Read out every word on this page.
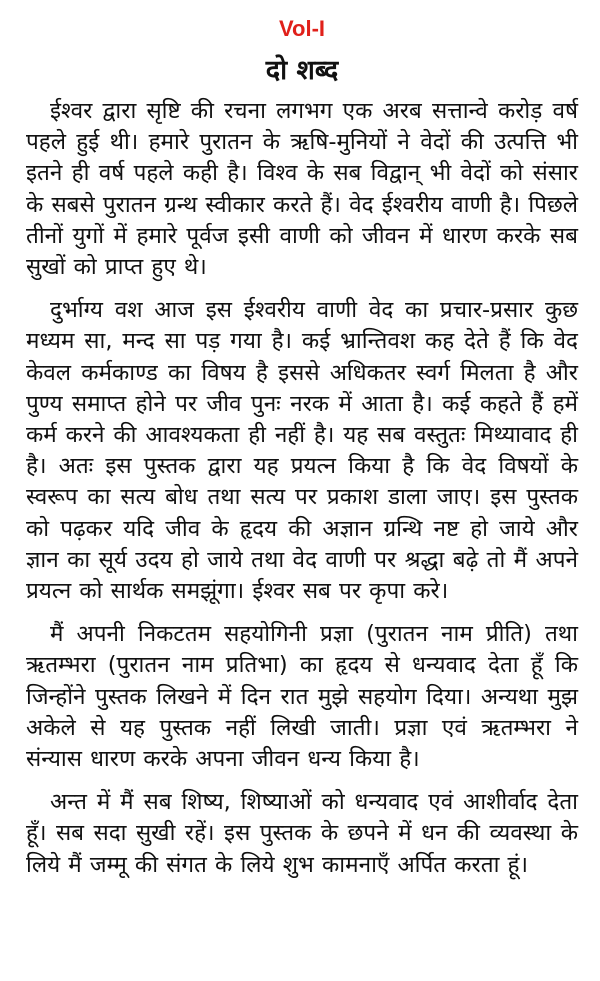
Vol-I
दो शब्द

ईश्वर द्वारा सृष्टि की रचना लगभग एक अरब सत्तान्वे करोड़ वर्ष पहले हुई थी। हमारे पुरातन के ऋषि-मुनियों ने वेदों की उत्पत्ति भी इतने ही वर्ष पहले कही है। विश्व के सब विद्वान् भी वेदों को संसार के सबसे पुरातन ग्रन्थ स्वीकार करते हैं। वेद ईश्वरीय वाणी है। पिछले तीनों युगों में हमारे पूर्वज इसी वाणी को जीवन में धारण करके सब सुखों को प्राप्त हुए थे।

दुर्भाग्य वश आज इस ईश्वरीय वाणी वेद का प्रचार-प्रसार कुछ मध्यम सा, मन्द सा पड़ गया है। कई भ्रान्तिवश कह देते हैं कि वेद केवल कर्मकाण्ड का विषय है इससे अधिकतर स्वर्ग मिलता है और पुण्य समाप्त होने पर जीव पुनः नरक में आता है। कई कहते हैं हमें कर्म करने की आवश्यकता ही नहीं है। यह सब वस्तुतः मिथ्यावाद ही है। अतः इस पुस्तक द्वारा यह प्रयत्न किया है कि वेद विषयों के स्वरूप का सत्य बोध तथा सत्य पर प्रकाश डाला जाए। इस पुस्तक को पढ़कर यदि जीव के हृदय की अज्ञान ग्रन्थि नष्ट हो जाये और ज्ञान का सूर्य उदय हो जाये तथा वेद वाणी पर श्रद्धा बढ़े तो मैं अपने प्रयत्न को सार्थक समझूंगा। ईश्वर सब पर कृपा करे।

मैं अपनी निकटतम सहयोगिनी प्रज्ञा (पुरातन नाम प्रीति) तथा ऋतम्भरा (पुरातन नाम प्रतिभा) का हृदय से धन्यवाद देता हूँ कि जिन्होंने पुस्तक लिखने में दिन रात मुझे सहयोग दिया। अन्यथा मुझ अकेले से यह पुस्तक नहीं लिखी जाती। प्रज्ञा एवं ऋतम्भरा ने संन्यास धारण करके अपना जीवन धन्य किया है।

अन्त में मैं सब शिष्य, शिष्याओं को धन्यवाद एवं आशीर्वाद देता हूँ। सब सदा सुखी रहें। इस पुस्तक के छपने में धन की व्यवस्था के लिये मैं जम्मू की संगत के लिये शुभ कामनाएँ अर्पित करता हूं।
